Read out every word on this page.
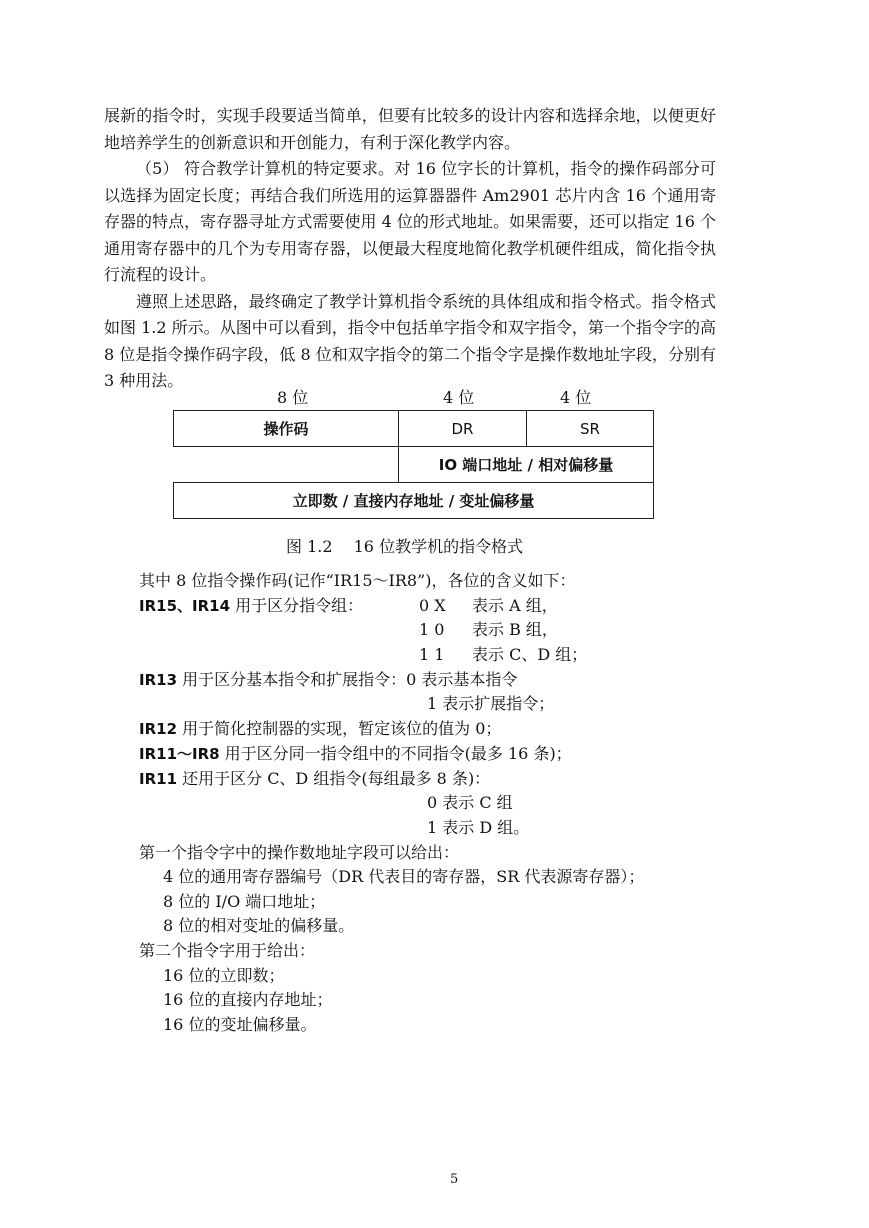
展新的指令时，实现手段要适当简单，但要有比较多的设计内容和选择余地，以便更好地培养学生的创新意识和开创能力，有利于深化教学内容。

（5） 符合教学计算机的特定要求。对 16 位字长的计算机，指令的操作码部分可以选择为固定长度；再结合我们所选用的运算器器件 Am2901 芯片内含 16 个通用寄存器的特点，寄存器寻址方式需要使用 4 位的形式地址。如果需要，还可以指定 16 个通用寄存器中的几个为专用寄存器，以便最大程度地简化教学机硬件组成，简化指令执行流程的设计。

遵照上述思路，最终确定了教学计算机指令系统的具体组成和指令格式。指令格式如图 1.2 所示。从图中可以看到，指令中包括单字指令和双字指令，第一个指令字的高 8 位是指令操作码字段，低 8 位和双字指令的第二个指令字是操作数地址字段，分别有 3 种用法。

8 位	4 位	4 位
操作码	DR	SR
	IO 端口地址 / 相对偏移量	
立即数 / 直接内存地址 / 变址偏移量
图 1.2　 16 位教学机的指令格式
其中 8 位指令操作码(记作“IR15～IR8”)，各位的含义如下：
IR15、IR14 用于区分指令组：	0 X 表示 A 组，
1 0 表示 B 组，
1 1 表示 C、D 组；
IR13 用于区分基本指令和扩展指令：0 表示基本指令
1 表示扩展指令；
IR12 用于简化控制器的实现，暂定该位的值为 0；
IR11～IR8 用于区分同一指令组中的不同指令(最多 16 条)；
IR11 还用于区分 C、D 组指令(每组最多 8 条)：
0 表示 C 组
1 表示 D 组。
第一个指令字中的操作数地址字段可以给出：
4 位的通用寄存器编号（DR 代表目的寄存器，SR 代表源寄存器）；
8 位的 I/O 端口地址；
8 位的相对变址的偏移量。
第二个指令字用于给出：
16 位的立即数；
16 位的直接内存地址；
16 位的变址偏移量。
5
